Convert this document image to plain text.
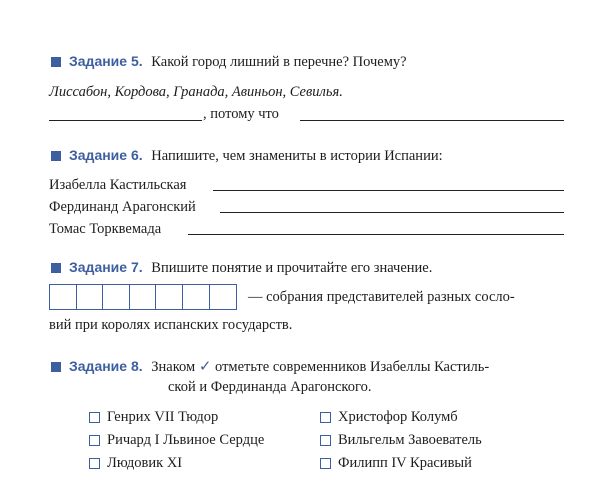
Задание 5. Какой город лишний в перечне? Почему?
Лиссабон, Кордова, Гранада, Авиньон, Севилья.
, потому что
Задание 6. Напишите, чем знамениты в истории Испании:
Изабелла Кастильская
Фердинанд Арагонский
Томас Торквемада
Задание 7. Впишите понятие и прочитайте его значение.
— собрания представителей разных сосло-
вий при королях испанских государств.
Задание 8. Знаком ✓ отметьте современников Изабеллы Кастиль-
ской и Фердинанда Арагонского.
Генрих VII Тюдор
Ричард I Львиное Сердце
Людовик XI
Христофор Колумб
Вильгельм Завоеватель
Филипп IV Красивый
